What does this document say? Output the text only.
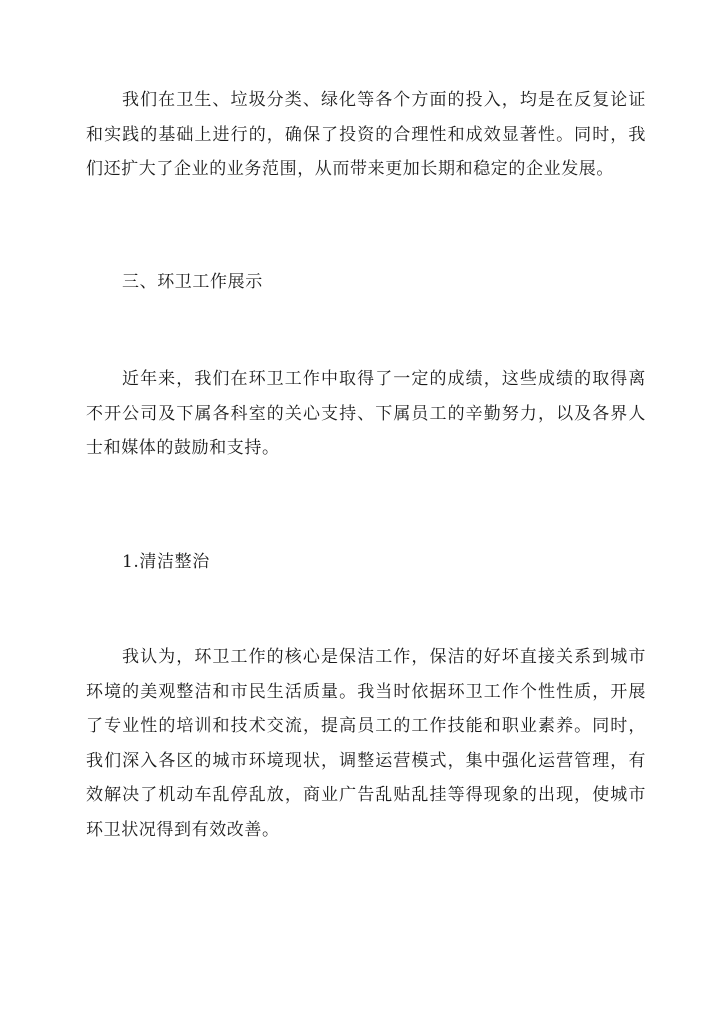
我们在卫生、垃圾分类、绿化等各个方面的投入，均是在反复论证和实践的基础上进行的，确保了投资的合理性和成效显著性。同时，我们还扩大了企业的业务范围，从而带来更加长期和稳定的企业发展。

三、环卫工作展示

近年来，我们在环卫工作中取得了一定的成绩，这些成绩的取得离不开公司及下属各科室的关心支持、下属员工的辛勤努力，以及各界人士和媒体的鼓励和支持。

1.清洁整治

我认为，环卫工作的核心是保洁工作，保洁的好坏直接关系到城市环境的美观整洁和市民生活质量。我当时依据环卫工作个性性质，开展了专业性的培训和技术交流，提高员工的工作技能和职业素养。同时，我们深入各区的城市环境现状，调整运营模式，集中强化运营管理，有效解决了机动车乱停乱放，商业广告乱贴乱挂等得现象的出现，使城市环卫状况得到有效改善。
